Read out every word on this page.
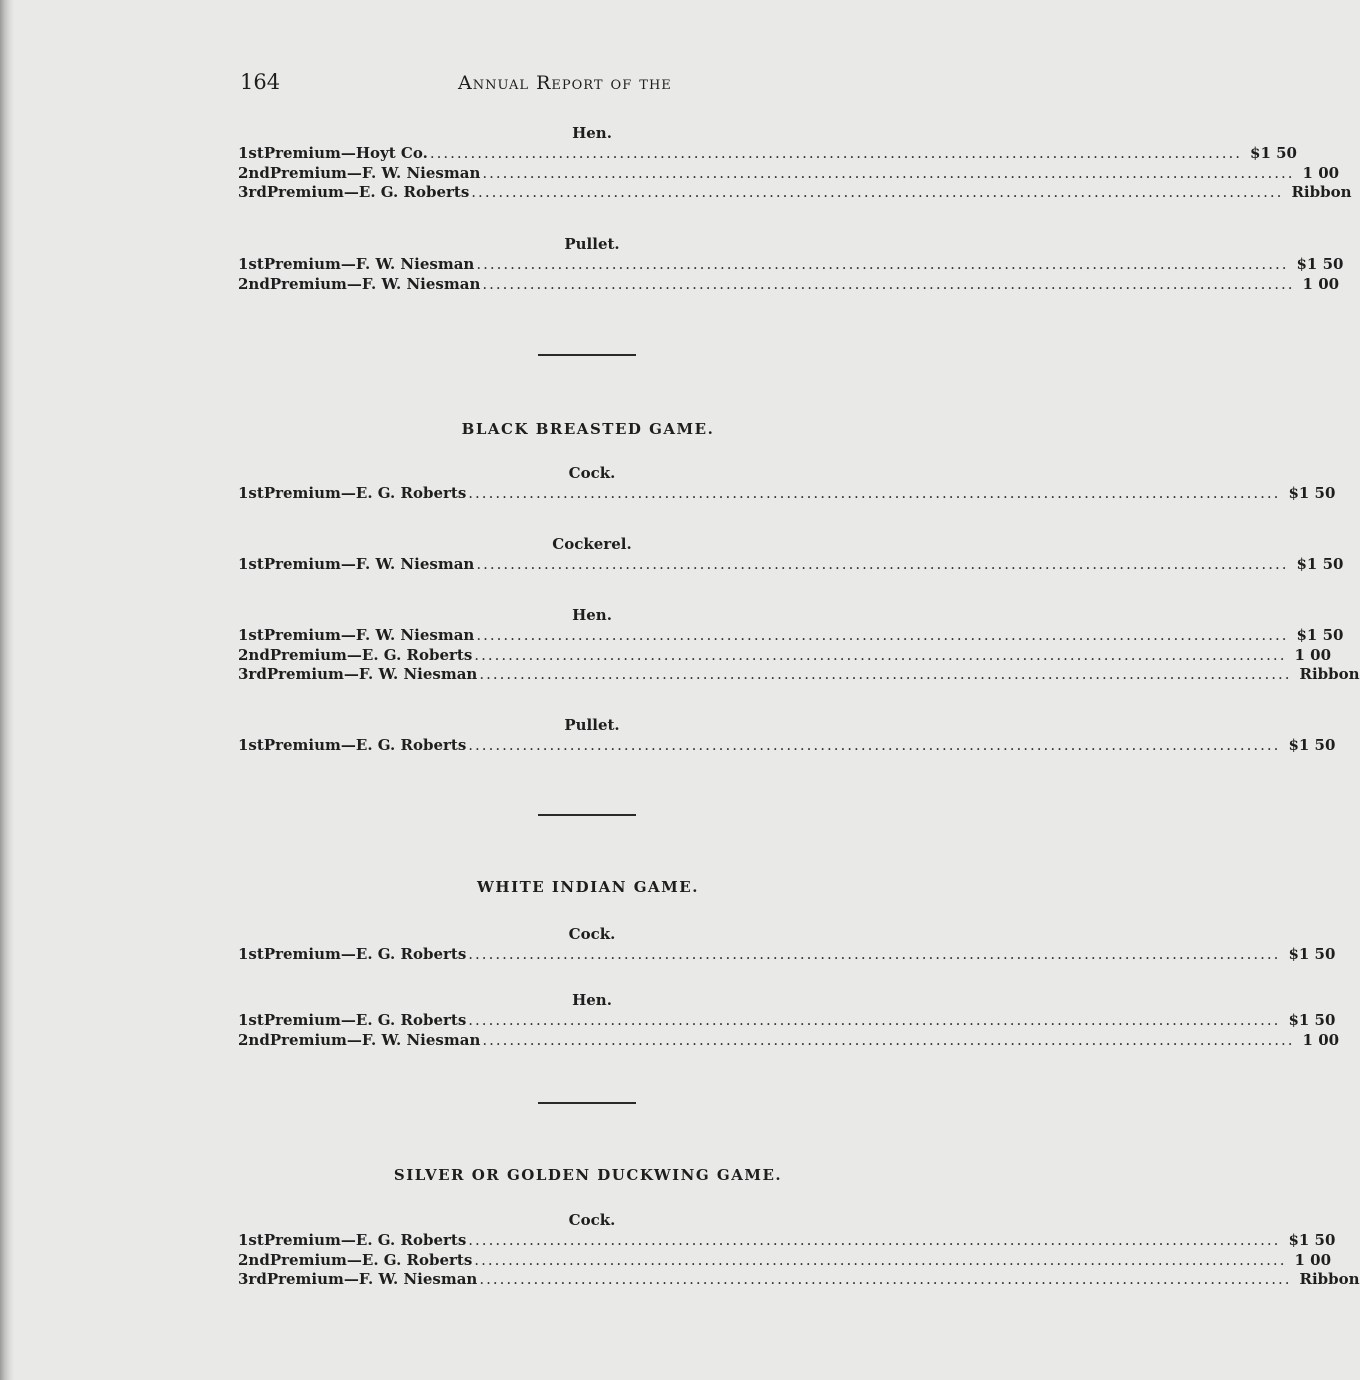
164	Annual Report of the
Hen.
1st Premium—Hoyt Co. ........................................................................................................................ $1 50
2nd Premium—F. W. Niesman ........................................................................................................................ 1 00
3rd Premium—E. G. Roberts ........................................................................................................................ Ribbon
Pullet.
1st Premium—F. W. Niesman ........................................................................................................................ $1 50
2nd Premium—F. W. Niesman ........................................................................................................................ 1 00
BLACK BREASTED GAME.
Cock.
1st Premium—E. G. Roberts ........................................................................................................................ $1 50
Cockerel.
1st Premium—F. W. Niesman ........................................................................................................................ $1 50
Hen.
1st Premium—F. W. Niesman ........................................................................................................................ $1 50
2nd Premium—E. G. Roberts ........................................................................................................................ 1 00
3rd Premium—F. W. Niesman ........................................................................................................................ Ribbon
Pullet.
1st Premium—E. G. Roberts ........................................................................................................................ $1 50
WHITE INDIAN GAME.
Cock.
1st Premium—E. G. Roberts ........................................................................................................................ $1 50
Hen.
1st Premium—E. G. Roberts ........................................................................................................................ $1 50
2nd Premium—F. W. Niesman ........................................................................................................................ 1 00
SILVER OR GOLDEN DUCKWING GAME.
Cock.
1st Premium—E. G. Roberts ........................................................................................................................ $1 50
2nd Premium—E. G. Roberts ........................................................................................................................ 1 00
3rd Premium—F. W. Niesman ........................................................................................................................ Ribbon
